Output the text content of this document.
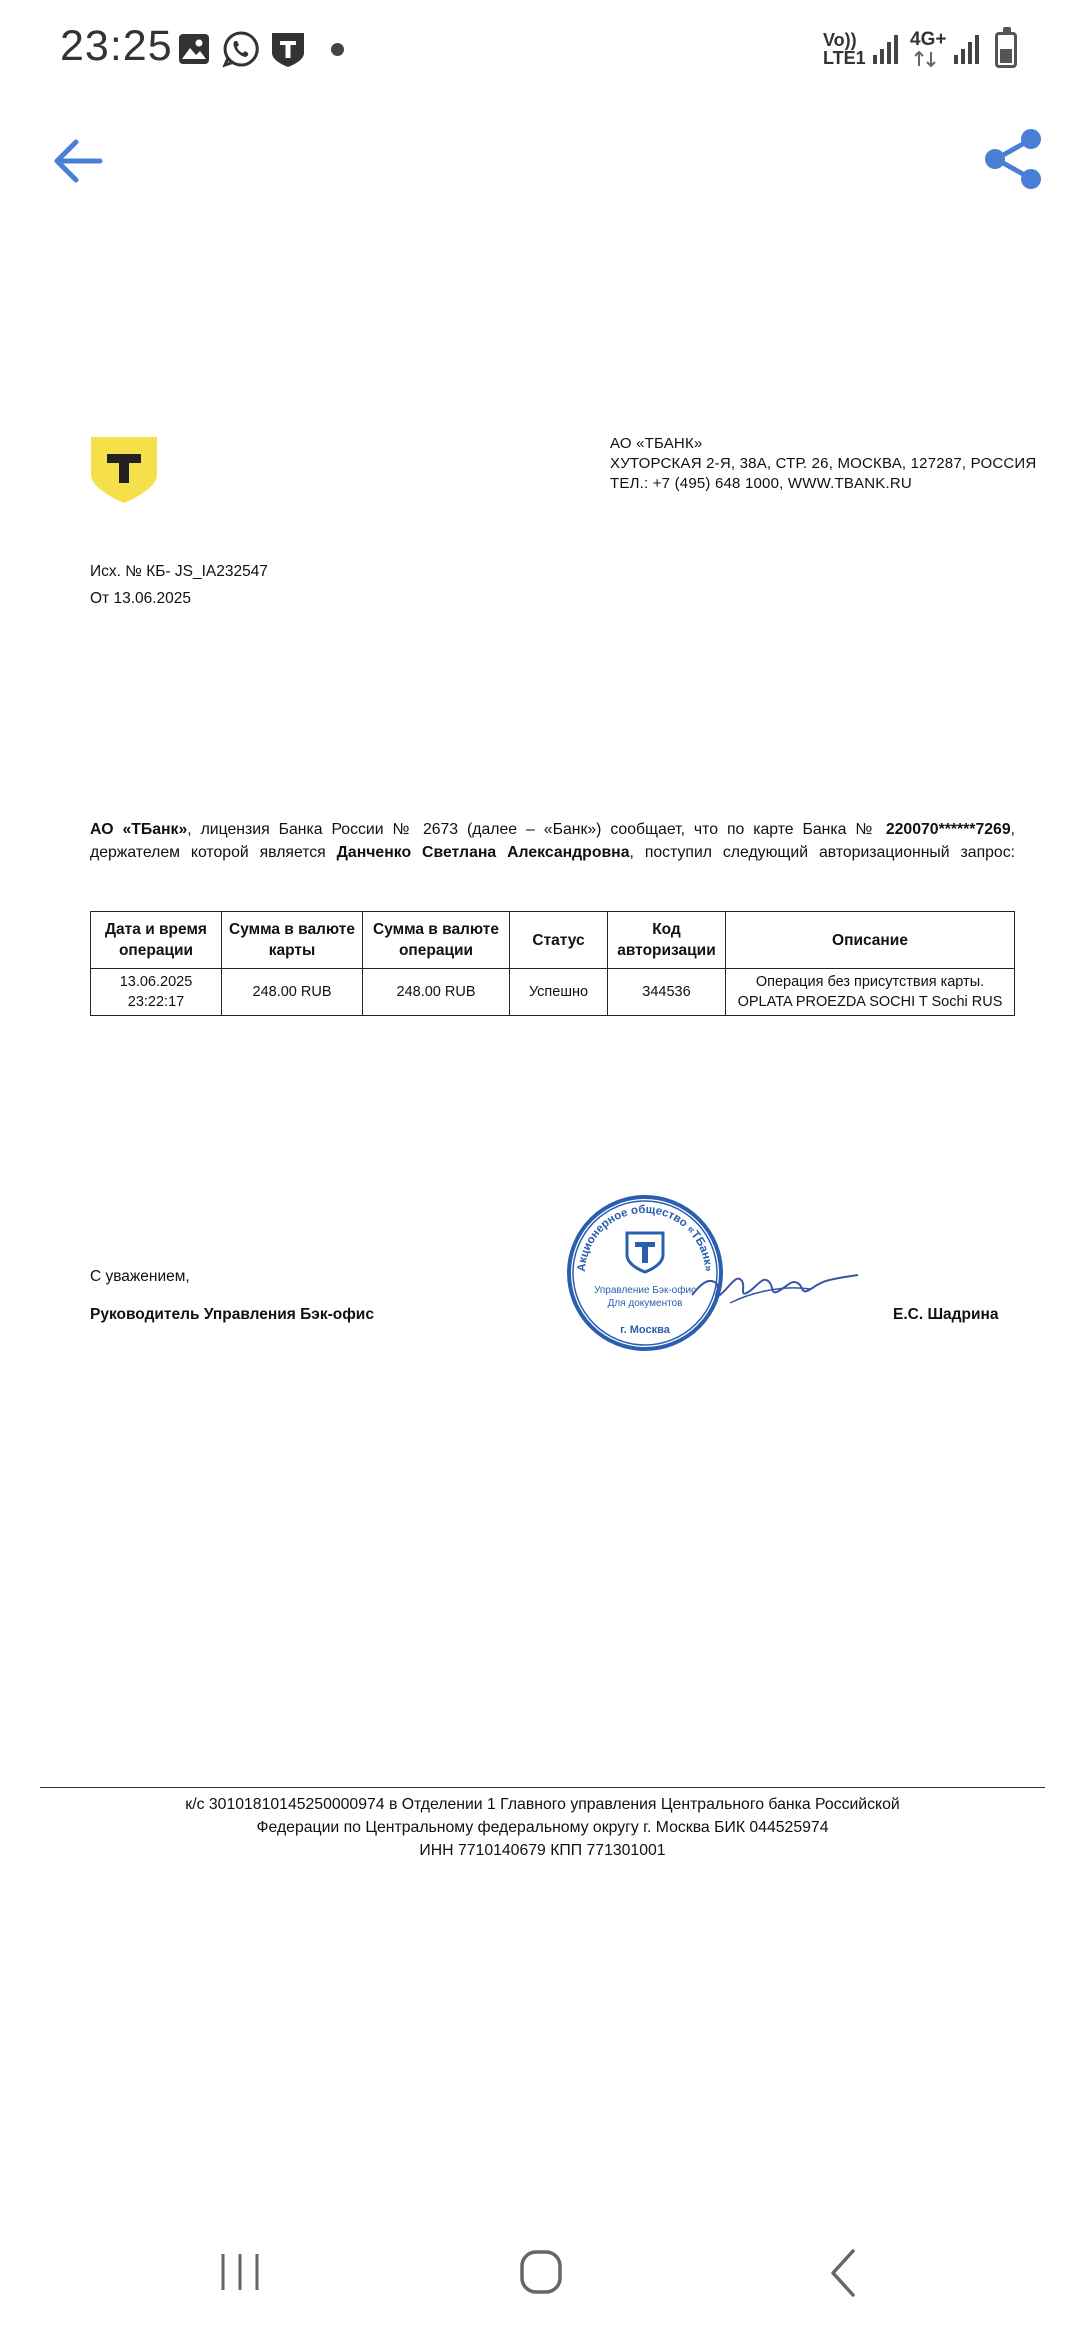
23:25	Vo))
LTE1
4G+
АО «ТБАНК»
ХУТОРСКАЯ 2-Я, 38А, СТР. 26, МОСКВА, 127287, РОССИЯ
ТЕЛ.: +7 (495) 648 1000, WWW.TBANK.RU
Исх. № КБ- JS_IA232547
От 13.06.2025
АО «ТБанк», лицензия Банка России № 2673 (далее – «Банк») сообщает, что по карте Банка № 220070******7269,
держателем которой является Данченко Светлана Александровна, поступил следующий авторизационный запрос:
Дата и время операции	Сумма в валюте карты	Сумма в валюте операции	Статус	Код авторизации	Описание
13.06.2025 23:22:17	248.00 RUB	248.00 RUB	Успешно	344536	Операция без присутствия карты. OPLATA PROEZDA SOCHI T Sochi RUS
С уважением,
Руководитель Управления Бэк-офис	Е.С. Шадрина
Акционерное общество «ТБанк»
Управление Бэк-офис
Для документов
г. Москва
к/с 30101810145250000974 в Отделении 1 Главного управления Центрального банка Российской
Федерации по Центральному федеральному округу г. Москва БИК 044525974
ИНН 7710140679 КПП 771301001
